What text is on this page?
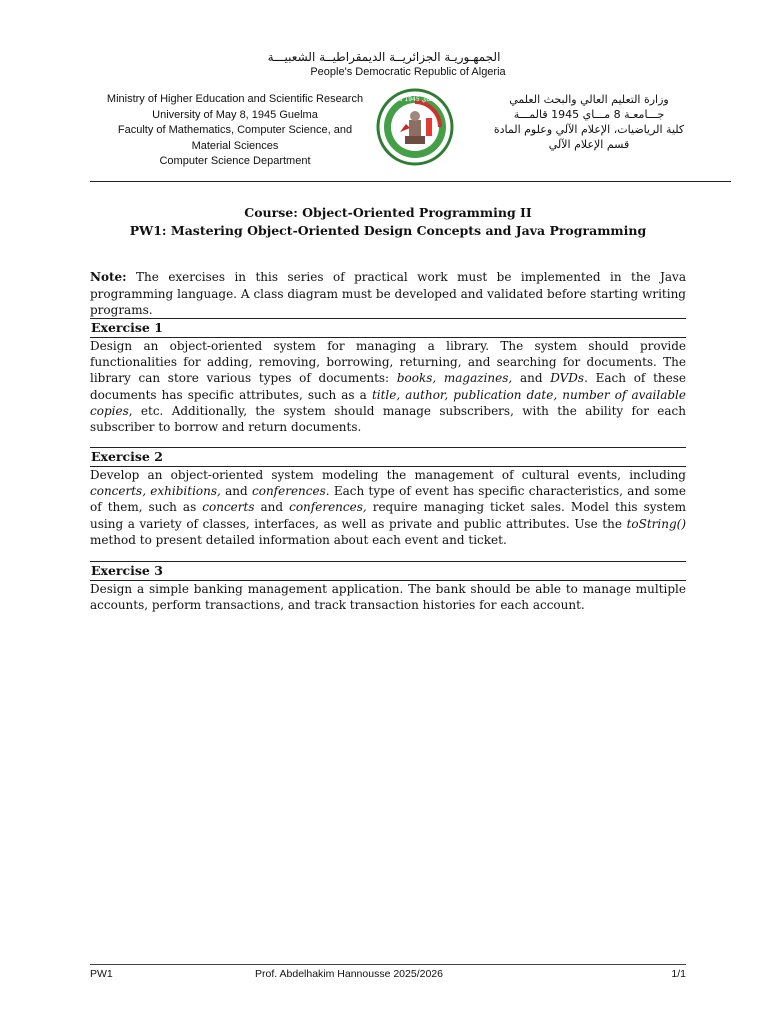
الجمهـوريـة الجزائريــة الديمقراطيــة الشعبيـــة
People's Democratic Republic of Algeria
Ministry of Higher Education and Scientific Research
University of May 8, 1945 Guelma
Faculty of Mathematics, Computer Science, and
Material Sciences
Computer Science Department
8 ماي 1945	وزارة التعليم العالي والبحث العلمي
جـــامعـة 8 مـــاي 1945 قالمـــة
كلية الرياضيات، الإعلام الآلي وعلوم المادة
قسم الإعلام الآلي
Course: Object-Oriented Programming II
PW1: Mastering Object-Oriented Design Concepts and Java Programming
Note: The exercises in this series of practical work must be implemented in the Java programming language. A class diagram must be developed and validated before starting writing programs.
Exercise 1
Design an object-oriented system for managing a library. The system should provide functionalities for adding, removing, borrowing, returning, and searching for documents. The library can store various types of documents: books, magazines, and DVDs. Each of these documents has specific attributes, such as a title, author, publication date, number of available copies, etc. Additionally, the system should manage subscribers, with the ability for each subscriber to borrow and return documents.
Exercise 2
Develop an object-oriented system modeling the management of cultural events, including concerts, exhibitions, and conferences. Each type of event has specific characteristics, and some of them, such as concerts and conferences, require managing ticket sales. Model this system using a variety of classes, interfaces, as well as private and public attributes. Use the toString() method to present detailed information about each event and ticket.
Exercise 3
Design a simple banking management application. The bank should be able to manage multiple accounts, perform transactions, and track transaction histories for each account.
PW1	Prof. Abdelhakim Hannousse 2025/2026	1/1
